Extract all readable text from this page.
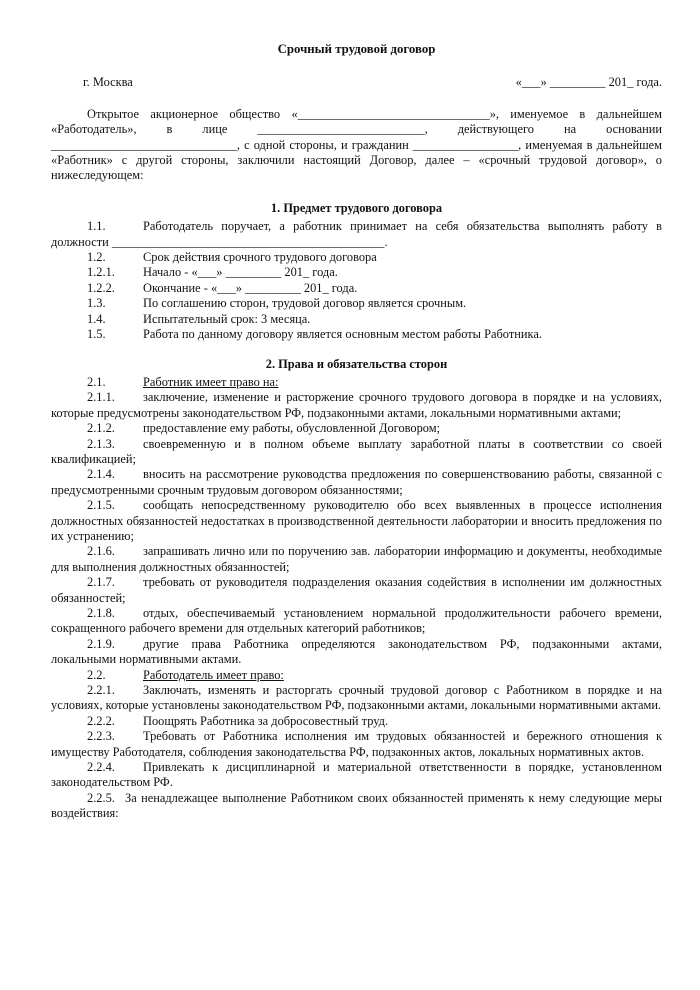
Срочный трудовой договор
г. Москва	«___» _________ 201_ года.

Открытое акционерное общество «_______________________________», именуемое в дальнейшем «Работодатель», в лице ___________________________, действующего на основании ______________________________, с одной стороны, и гражданин _________________, именуемая в дальнейшем «Работник» с другой стороны, заключили настоящий Договор, далее – «срочный трудовой договор», о нижеследующем:

1. Предмет трудового договора

1.1.	Работодатель поручает, а работник принимает на себя обязательства выполнять работу в должности ____________________________________________.

1.2.	Срок действия срочного трудового договора

1.2.1. Начало - «___» _________ 201_ года.

1.2.2. Окончание - «___» _________ 201_ года.

1.3.	По соглашению сторон, трудовой договор является срочным.

1.4.	Испытательный срок: 3 месяца.

1.5.	Работа по данному договору является основным местом работы Работника.

2. Права и обязательства сторон

2.1.	Работник имеет право на:

2.1.1. заключение, изменение и расторжение срочного трудового договора в порядке и на условиях, которые предусмотрены законодательством РФ, подзаконными актами, локальными нормативными актами;

2.1.2. предоставление ему работы, обусловленной Договором;

2.1.3. своевременную и в полном объеме выплату заработной платы в соответствии со своей квалификацией;

2.1.4. вносить на рассмотрение руководства предложения по совершенствованию работы, связанной с предусмотренными срочным трудовым договором обязанностями;

2.1.5. сообщать непосредственному руководителю обо всех выявленных в процессе исполнения должностных обязанностей недостатках в производственной деятельности лаборатории и вносить предложения по их устранению;

2.1.6. запрашивать лично или по поручению зав. лаборатории информацию и документы, необходимые для выполнения должностных обязанностей;

2.1.7. требовать от руководителя подразделения оказания содействия в исполнении им должностных обязанностей;

2.1.8. отдых, обеспечиваемый установлением нормальной продолжительности рабочего времени, сокращенного рабочего времени для отдельных категорий работников;

2.1.9. другие права Работника определяются законодательством РФ, подзаконными актами, локальными нормативными актами.

2.2.	Работодатель имеет право:

2.2.1. Заключать, изменять и расторгать срочный трудовой договор с Работником в порядке и на условиях, которые установлены законодательством РФ, подзаконными актами, локальными нормативными актами.

2.2.2. Поощрять Работника за добросовестный труд.

2.2.3. Требовать от Работника исполнения им трудовых обязанностей и бережного отношения к имуществу Работодателя, соблюдения законодательства РФ, подзаконных актов, локальных нормативных актов.

2.2.4. Привлекать к дисциплинарной и материальной ответственности в порядке, установленном законодательством РФ.

2.2.5. За ненадлежащее выполнение Работником своих обязанностей применять к нему следующие меры воздействия:
